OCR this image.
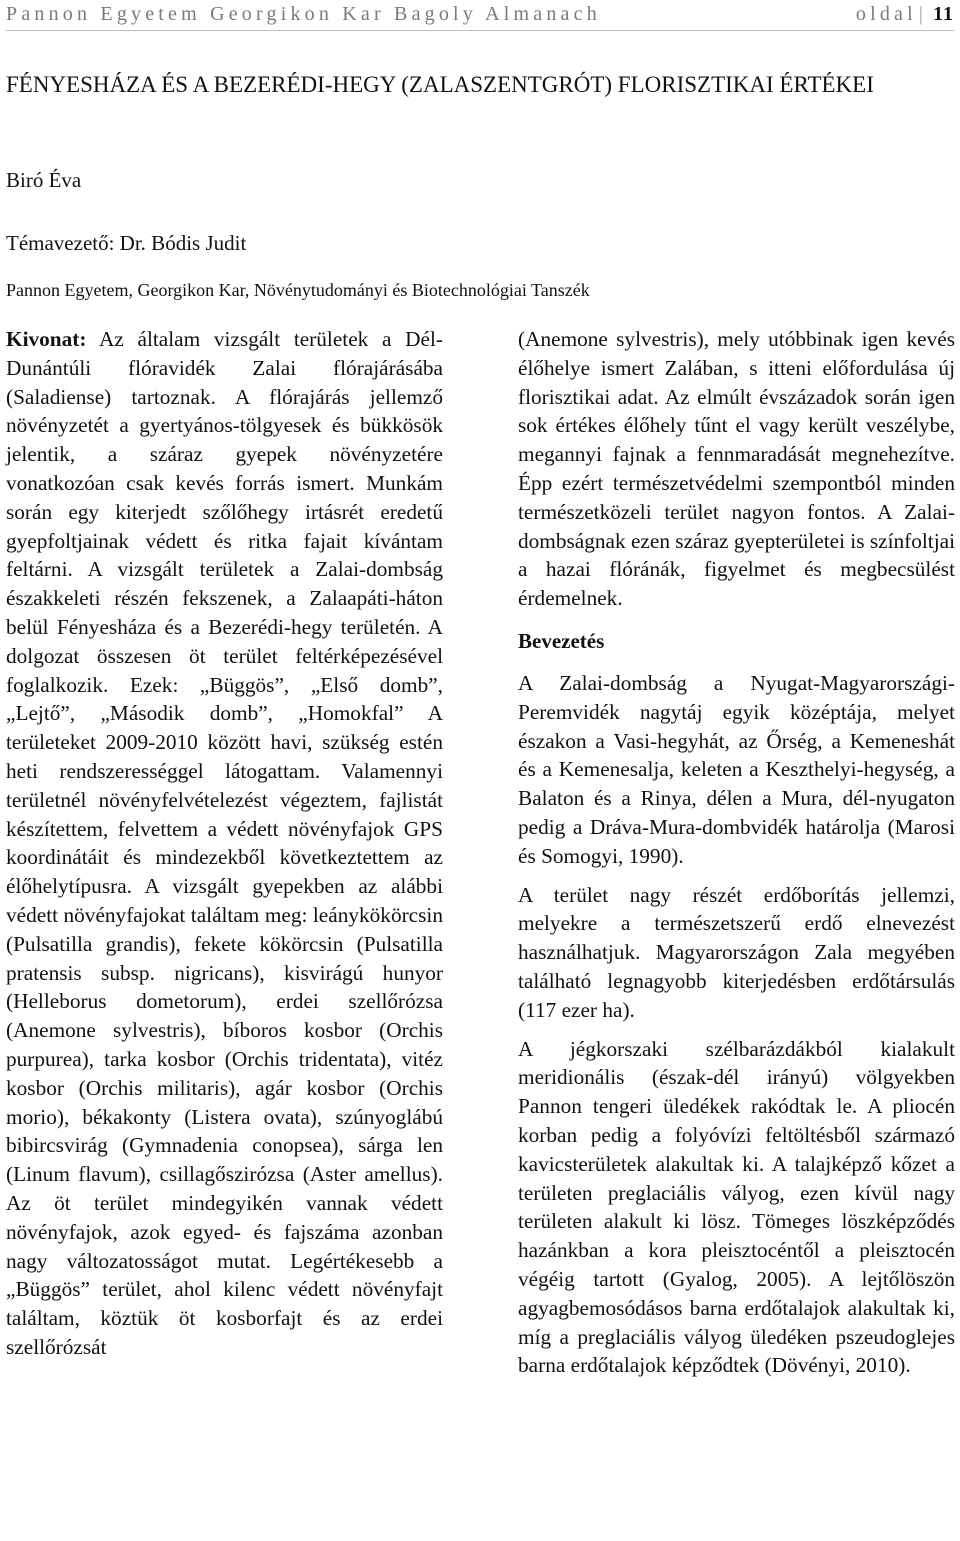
Pannon Egyetem Georgikon Kar Bagoly Almanach	oldal | 11
FÉNYESHÁZA ÉS A BEZERÉDI-HEGY (ZALASZENTGRÓT) FLORISZTIKAI ÉRTÉKEI

Biró Éva

Témavezető: Dr. Bódis Judit

Pannon Egyetem, Georgikon Kar, Növénytudományi és Biotechnológiai Tanszék

Kivonat: Az általam vizsgált területek a Dél-Dunántúli flóravidék Zalai flórajárásába (Saladiense) tartoznak. A flórajárás jellemző növényzetét a gyertyános-tölgyesek és bükkösök jelentik, a száraz gyepek növényzetére vonatkozóan csak kevés forrás ismert. Munkám során egy kiterjedt szőlőhegy irtásrét eredetű gyepfoltjainak védett és ritka fajait kívántam feltárni. A vizsgált területek a Zalai-dombság északkeleti részén fekszenek, a Zalaapáti-háton belül Fényesháza és a Bezerédi-hegy területén. A dolgozat összesen öt terület feltérképezésével foglalkozik. Ezek: „Büggös”, „Első domb”, „Lejtő”, „Második domb”, „Homokfal” A területeket 2009-2010 között havi, szükség estén heti rendszerességgel látogattam. Valamennyi területnél növényfelvételezést végeztem, fajlistát készítettem, felvettem a védett növényfajok GPS koordinátáit és mindezekből következtettem az élőhelytípusra. A vizsgált gyepekben az alábbi védett növényfajokat találtam meg: leánykökörcsin (Pulsatilla grandis), fekete kökörcsin (Pulsatilla pratensis subsp. nigricans), kisvirágú hunyor (Helleborus dometorum), erdei szellőrózsa (Anemone sylvestris), bíboros kosbor (Orchis purpurea), tarka kosbor (Orchis tridentata), vitéz kosbor (Orchis militaris), agár kosbor (Orchis morio), békakonty (Listera ovata), szúnyoglábú bibircsvirág (Gymnadenia conopsea), sárga len (Linum flavum), csillagőszirózsa (Aster amellus). Az öt terület mindegyikén vannak védett növényfajok, azok egyed- és fajszáma azonban nagy változatosságot mutat. Legértékesebb a „Büggös” terület, ahol kilenc védett növényfajt találtam, köztük öt kosborfajt és az erdei szellőrózsát

(Anemone sylvestris), mely utóbbinak igen kevés élőhelye ismert Zalában, s itteni előfordulása új florisztikai adat. Az elmúlt évszázadok során igen sok értékes élőhely tűnt el vagy került veszélybe, megannyi fajnak a fennmaradását megnehezítve. Épp ezért természetvédelmi szempontból minden természetközeli terület nagyon fontos. A Zalai-dombságnak ezen száraz gyepterületei is színfoltjai a hazai flóránák, figyelmet és megbecsülést érdemelnek.

Bevezetés

A Zalai-dombság a Nyugat-Magyarországi-Peremvidék nagytáj egyik középtája, melyet északon a Vasi-hegyhát, az Őrség, a Kemeneshát és a Kemenesalja, keleten a Keszthelyi-hegység, a Balaton és a Rinya, délen a Mura, dél-nyugaton pedig a Dráva-Mura-dombvidék határolja (Marosi és Somogyi, 1990).

A terület nagy részét erdőborítás jellemzi, melyekre a természetszerű erdő elnevezést használhatjuk. Magyarországon Zala megyében található legnagyobb kiterjedésben erdőtársulás (117 ezer ha).

A jégkorszaki szélbarázdákból kialakult meridionális (észak-dél irányú) völgyekben Pannon tengeri üledékek rakódtak le. A pliocén korban pedig a folyóvízi feltöltésből származó kavicsterületek alakultak ki. A talajképző kőzet a területen preglaciális vályog, ezen kívül nagy területen alakult ki lösz. Tömeges löszképződés hazánkban a kora pleisztocéntől a pleisztocén végéig tartott (Gyalog, 2005). A lejtőlöszön agyagbemosódásos barna erdőtalajok alakultak ki, míg a preglaciális vályog üledéken pszeudoglejes barna erdőtalajok képződtek (Dövényi, 2010).
